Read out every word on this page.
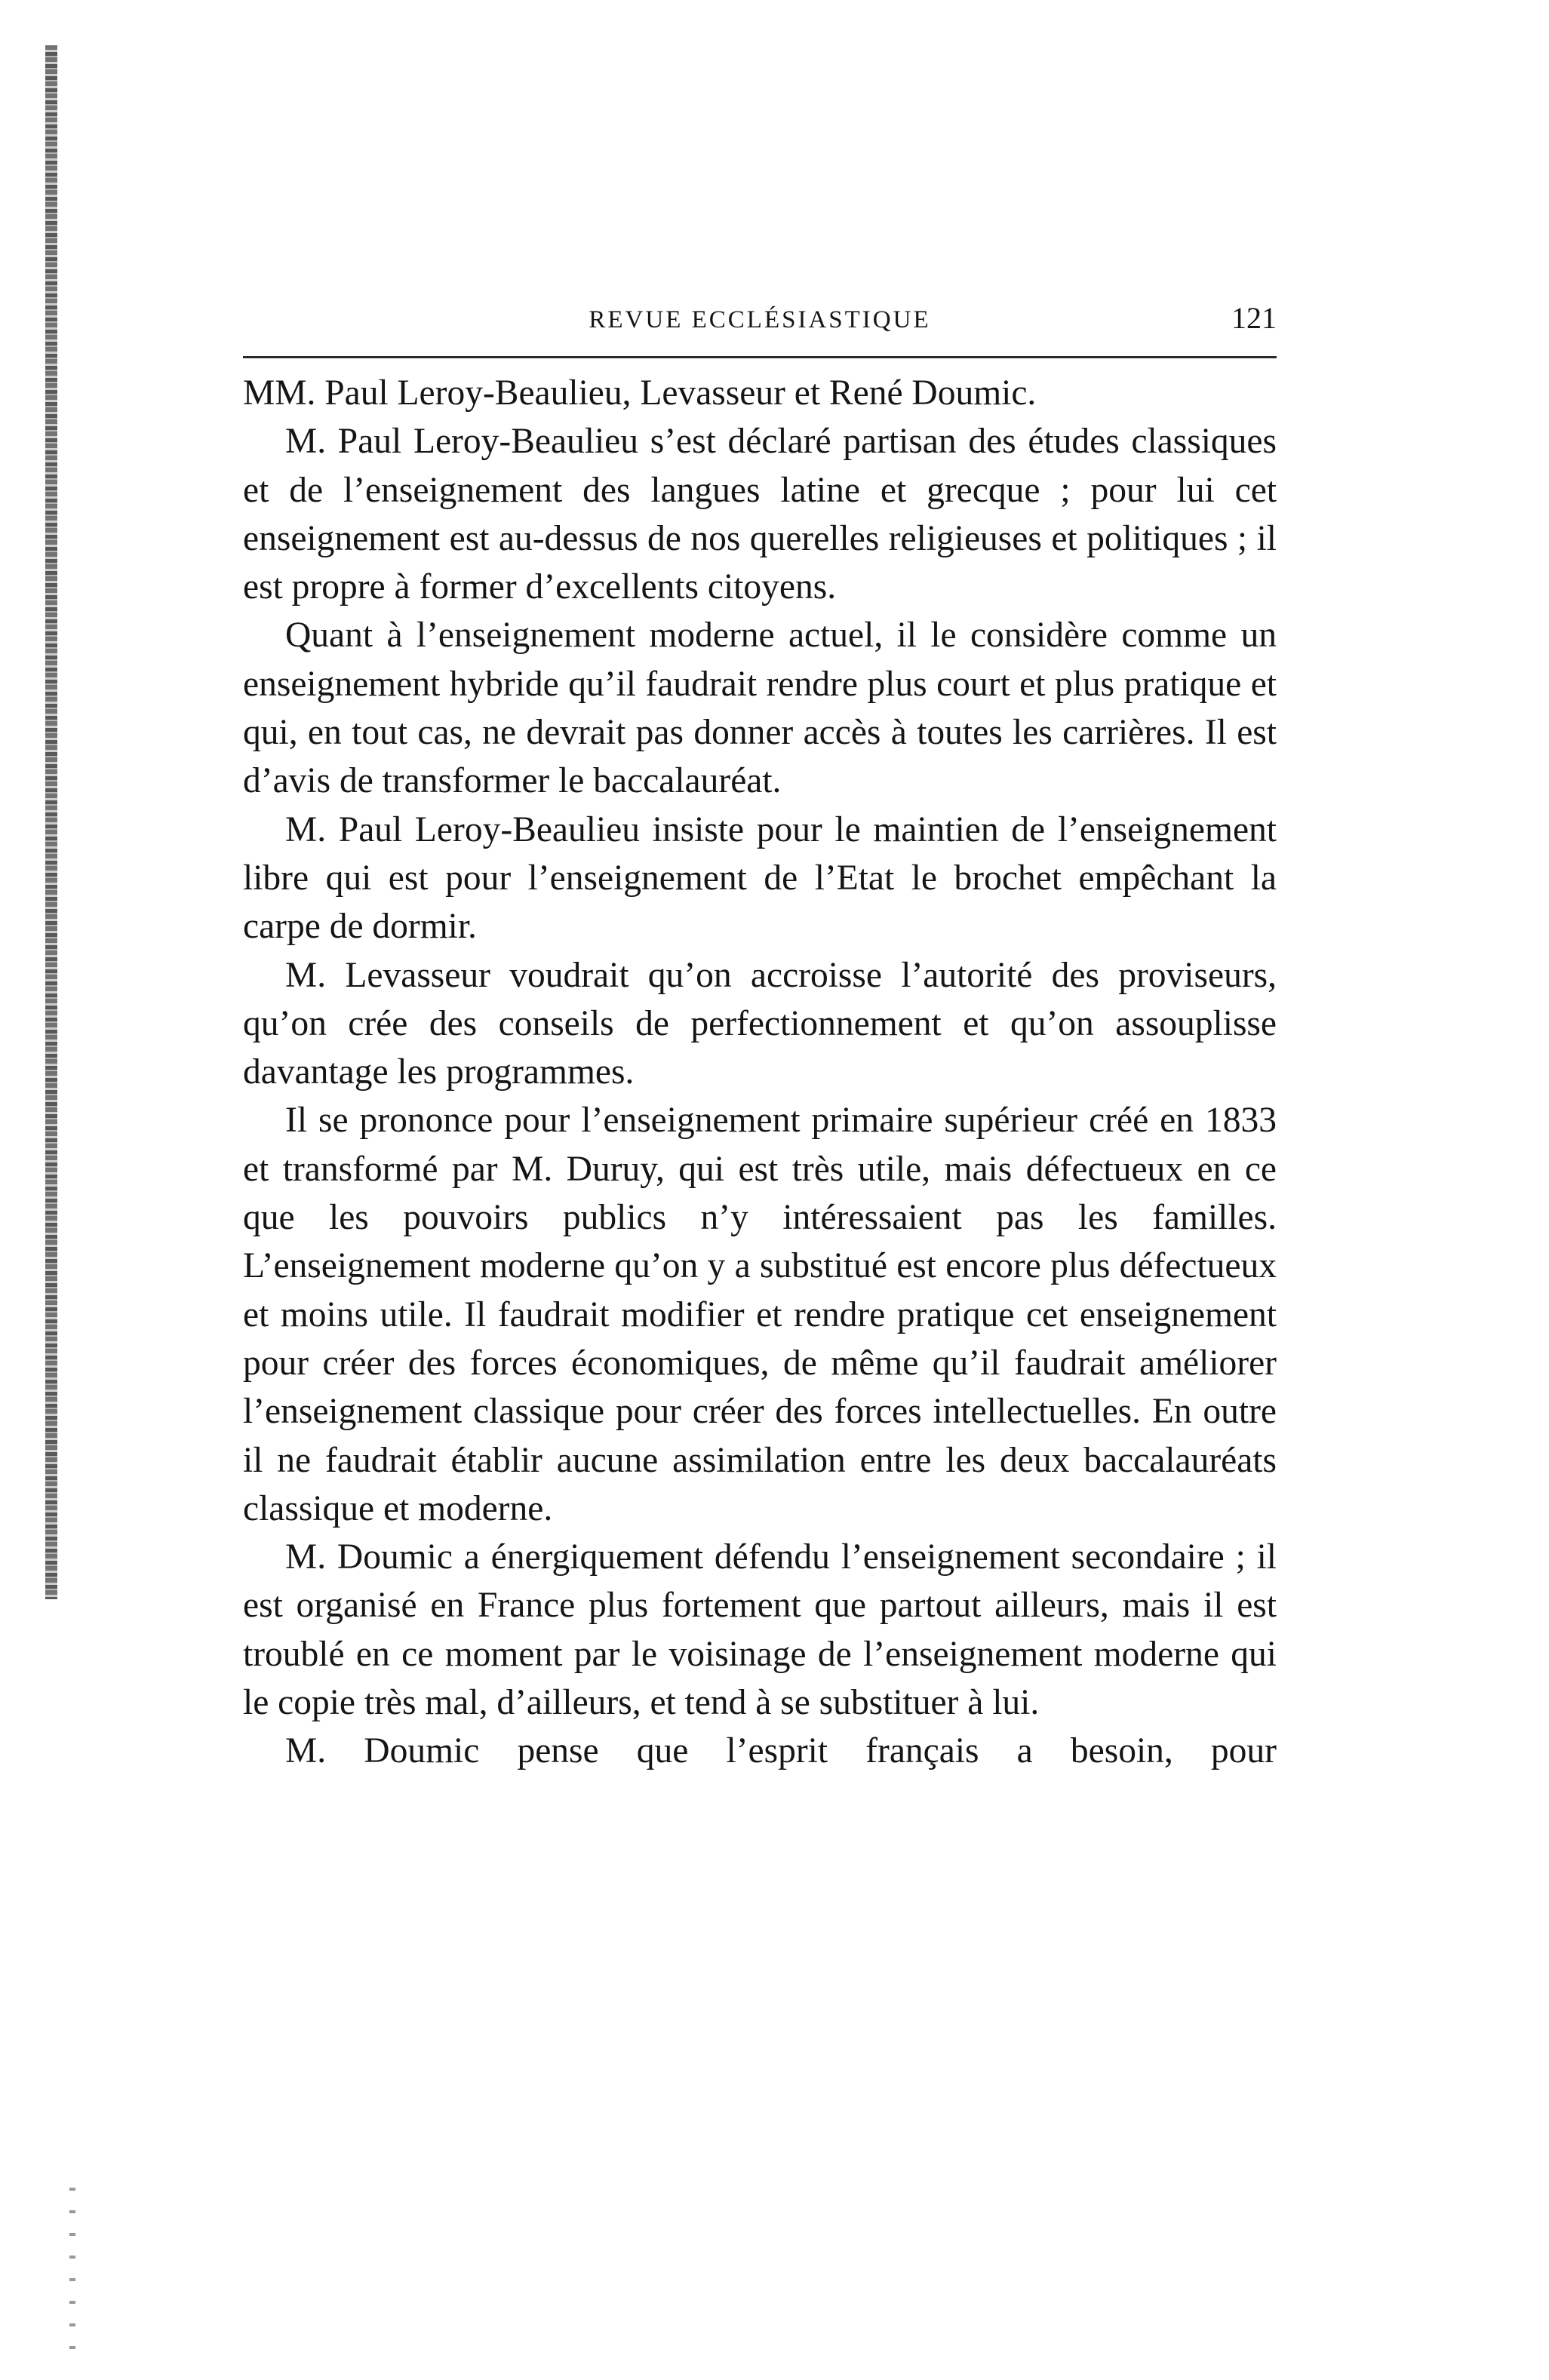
REVUE ECCLÉSIASTIQUE	121

MM. Paul Leroy-Beaulieu, Levasseur et René Doumic.

M. Paul Leroy-Beaulieu s’est déclaré partisan des études classiques et de l’enseignement des langues latine et grecque ; pour lui cet enseignement est au-dessus de nos querelles religieuses et politiques ; il est propre à former d’excellents citoyens.

Quant à l’enseignement moderne actuel, il le considère comme un enseignement hybride qu’il faudrait rendre plus court et plus pratique et qui, en tout cas, ne devrait pas donner accès à toutes les carrières. Il est d’avis de transformer le baccalauréat.

M. Paul Leroy-Beaulieu insiste pour le maintien de l’enseignement libre qui est pour l’enseignement de l’Etat le brochet empêchant la carpe de dormir.

M. Levasseur voudrait qu’on accroisse l’autorité des proviseurs, qu’on crée des conseils de perfectionnement et qu’on assouplisse davantage les programmes.

Il se prononce pour l’enseignement primaire supérieur créé en 1833 et transformé par M. Duruy, qui est très utile, mais défectueux en ce que les pouvoirs publics n’y intéressaient pas les familles. L’enseignement moderne qu’on y a substitué est encore plus défectueux et moins utile. Il faudrait modifier et rendre pratique cet enseignement pour créer des forces économiques, de même qu’il faudrait améliorer l’enseignement classique pour créer des forces intellectuelles. En outre il ne faudrait établir aucune assimilation entre les deux baccalauréats classique et moderne.

M. Doumic a énergiquement défendu l’enseignement secondaire ; il est organisé en France plus fortement que partout ailleurs, mais il est troublé en ce moment par le voisinage de l’enseignement moderne qui le copie très mal, d’ailleurs, et tend à se substituer à lui.

M. Doumic pense que l’esprit français a besoin, pour
